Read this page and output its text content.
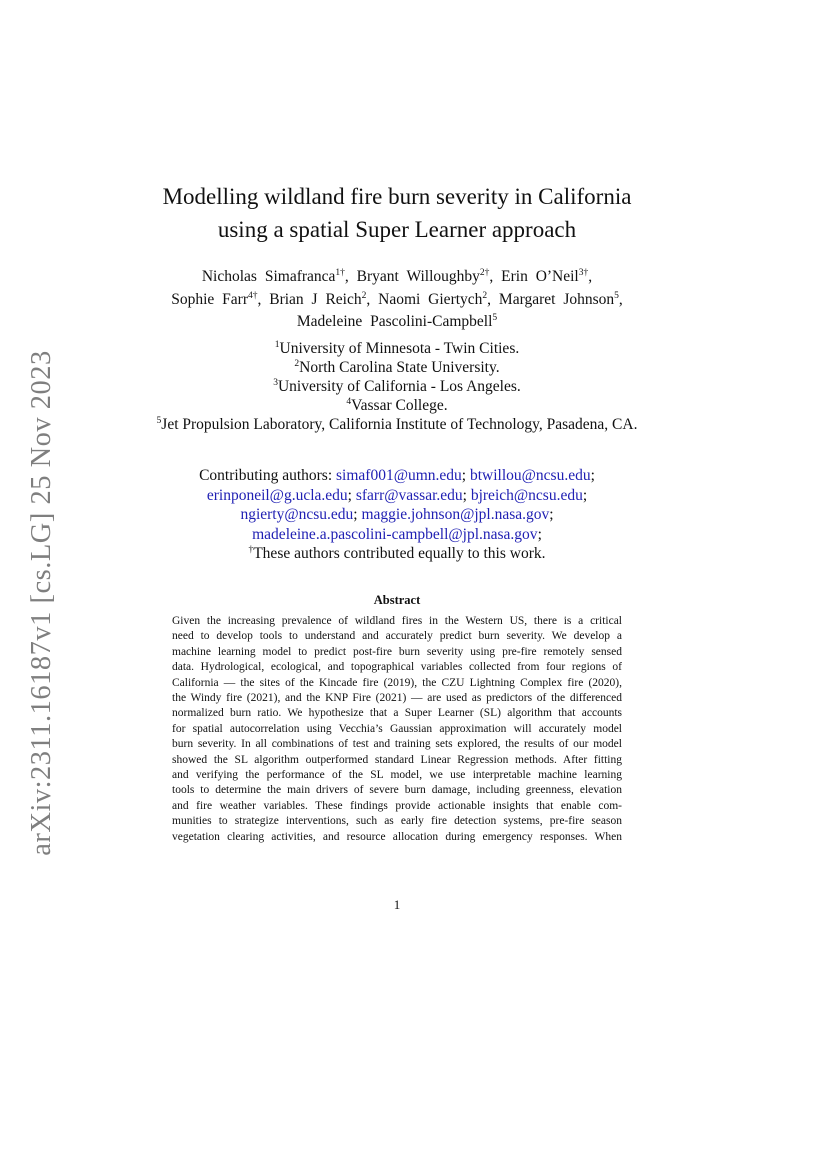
arXiv:2311.16187v1 [cs.LG] 25 Nov 2023
Modelling wildland fire burn severity in California
using a spatial Super Learner approach
Nicholas Simafranca$^{1\dagger}$, Bryant Willoughby$^{2\dagger}$, Erin O’Neil$^{3\dagger}$,
Sophie Farr$^{4\dagger}$, Brian J Reich$^2$, Naomi Giertych$^2$, Margaret Johnson$^5$,
Madeleine Pascolini-Campbell$^5$
$^1$University of Minnesota - Twin Cities.
$^2$North Carolina State University.
$^3$University of California - Los Angeles.
$^4$Vassar College.
$^5$Jet Propulsion Laboratory, California Institute of Technology, Pasadena, CA.
Contributing authors: simaf001@umn.edu; btwillou@ncsu.edu;
erinponeil@g.ucla.edu; sfarr@vassar.edu; bjreich@ncsu.edu;
ngierty@ncsu.edu; maggie.johnson@jpl.nasa.gov;
madeleine.a.pascolini-campbell@jpl.nasa.gov;
†These authors contributed equally to this work.
Abstract
Given the increasing prevalence of wildland fires in the Western US, there is a critical
need to develop tools to understand and accurately predict burn severity. We develop a
machine learning model to predict post-fire burn severity using pre-fire remotely sensed
data. Hydrological, ecological, and topographical variables collected from four regions of
California — the sites of the Kincade fire (2019), the CZU Lightning Complex fire (2020),
the Windy fire (2021), and the KNP Fire (2021) — are used as predictors of the differenced
normalized burn ratio. We hypothesize that a Super Learner (SL) algorithm that accounts
for spatial autocorrelation using Vecchia’s Gaussian approximation will accurately model
burn severity. In all combinations of test and training sets explored, the results of our model
showed the SL algorithm outperformed standard Linear Regression methods. After fitting
and verifying the performance of the SL model, we use interpretable machine learning
tools to determine the main drivers of severe burn damage, including greenness, elevation
and fire weather variables. These findings provide actionable insights that enable com-
munities to strategize interventions, such as early fire detection systems, pre-fire season
vegetation clearing activities, and resource allocation during emergency responses. When
1
